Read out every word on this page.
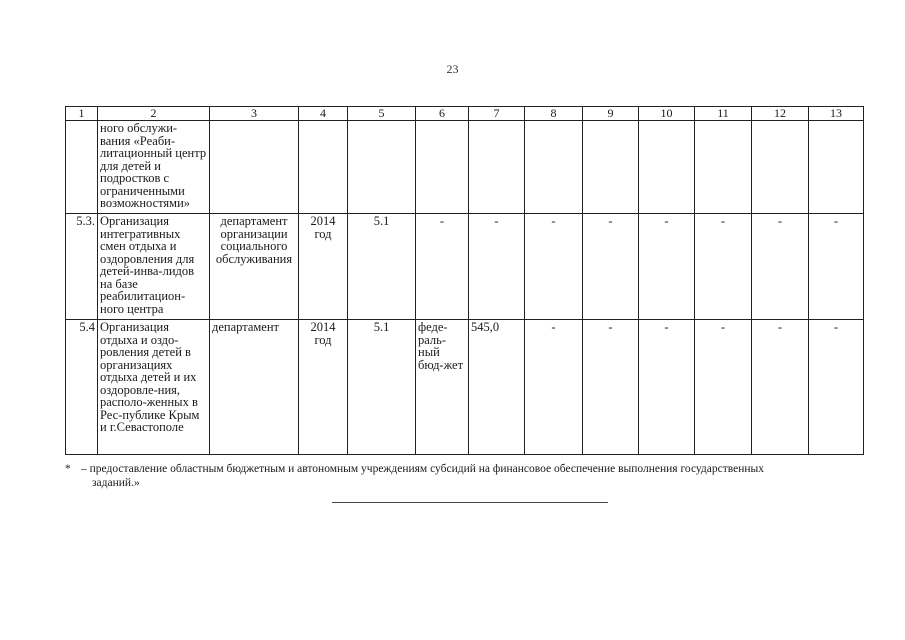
23
1	2	3	4	5	6	7	8	9	10	11	12	13
	ного обслужи-вания «Реаби-литационный центр для детей и подростков с ограниченными возможностями»											
5.3.	Организация интегративных смен отдыха и оздоровления для детей-инва-лидов на базе реабилитацион-ного центра	департамент организации социального обслуживания	2014 год	5.1	-	-	-	-	-	-	-	-
5.4	Организация отдыха и оздо-ровления детей в организациях отдыха детей и их оздоровле-ния, располо-женных в Рес-публике Крым и г.Севастополе	департамент	2014 год	5.1	феде-раль-ный бюд-жет	545,0	-	-	-	-	-	-
* – предоставление областным бюджетным и автономным учреждениям субсидий на финансовое обеспечение выполнения государственных
заданий.»
